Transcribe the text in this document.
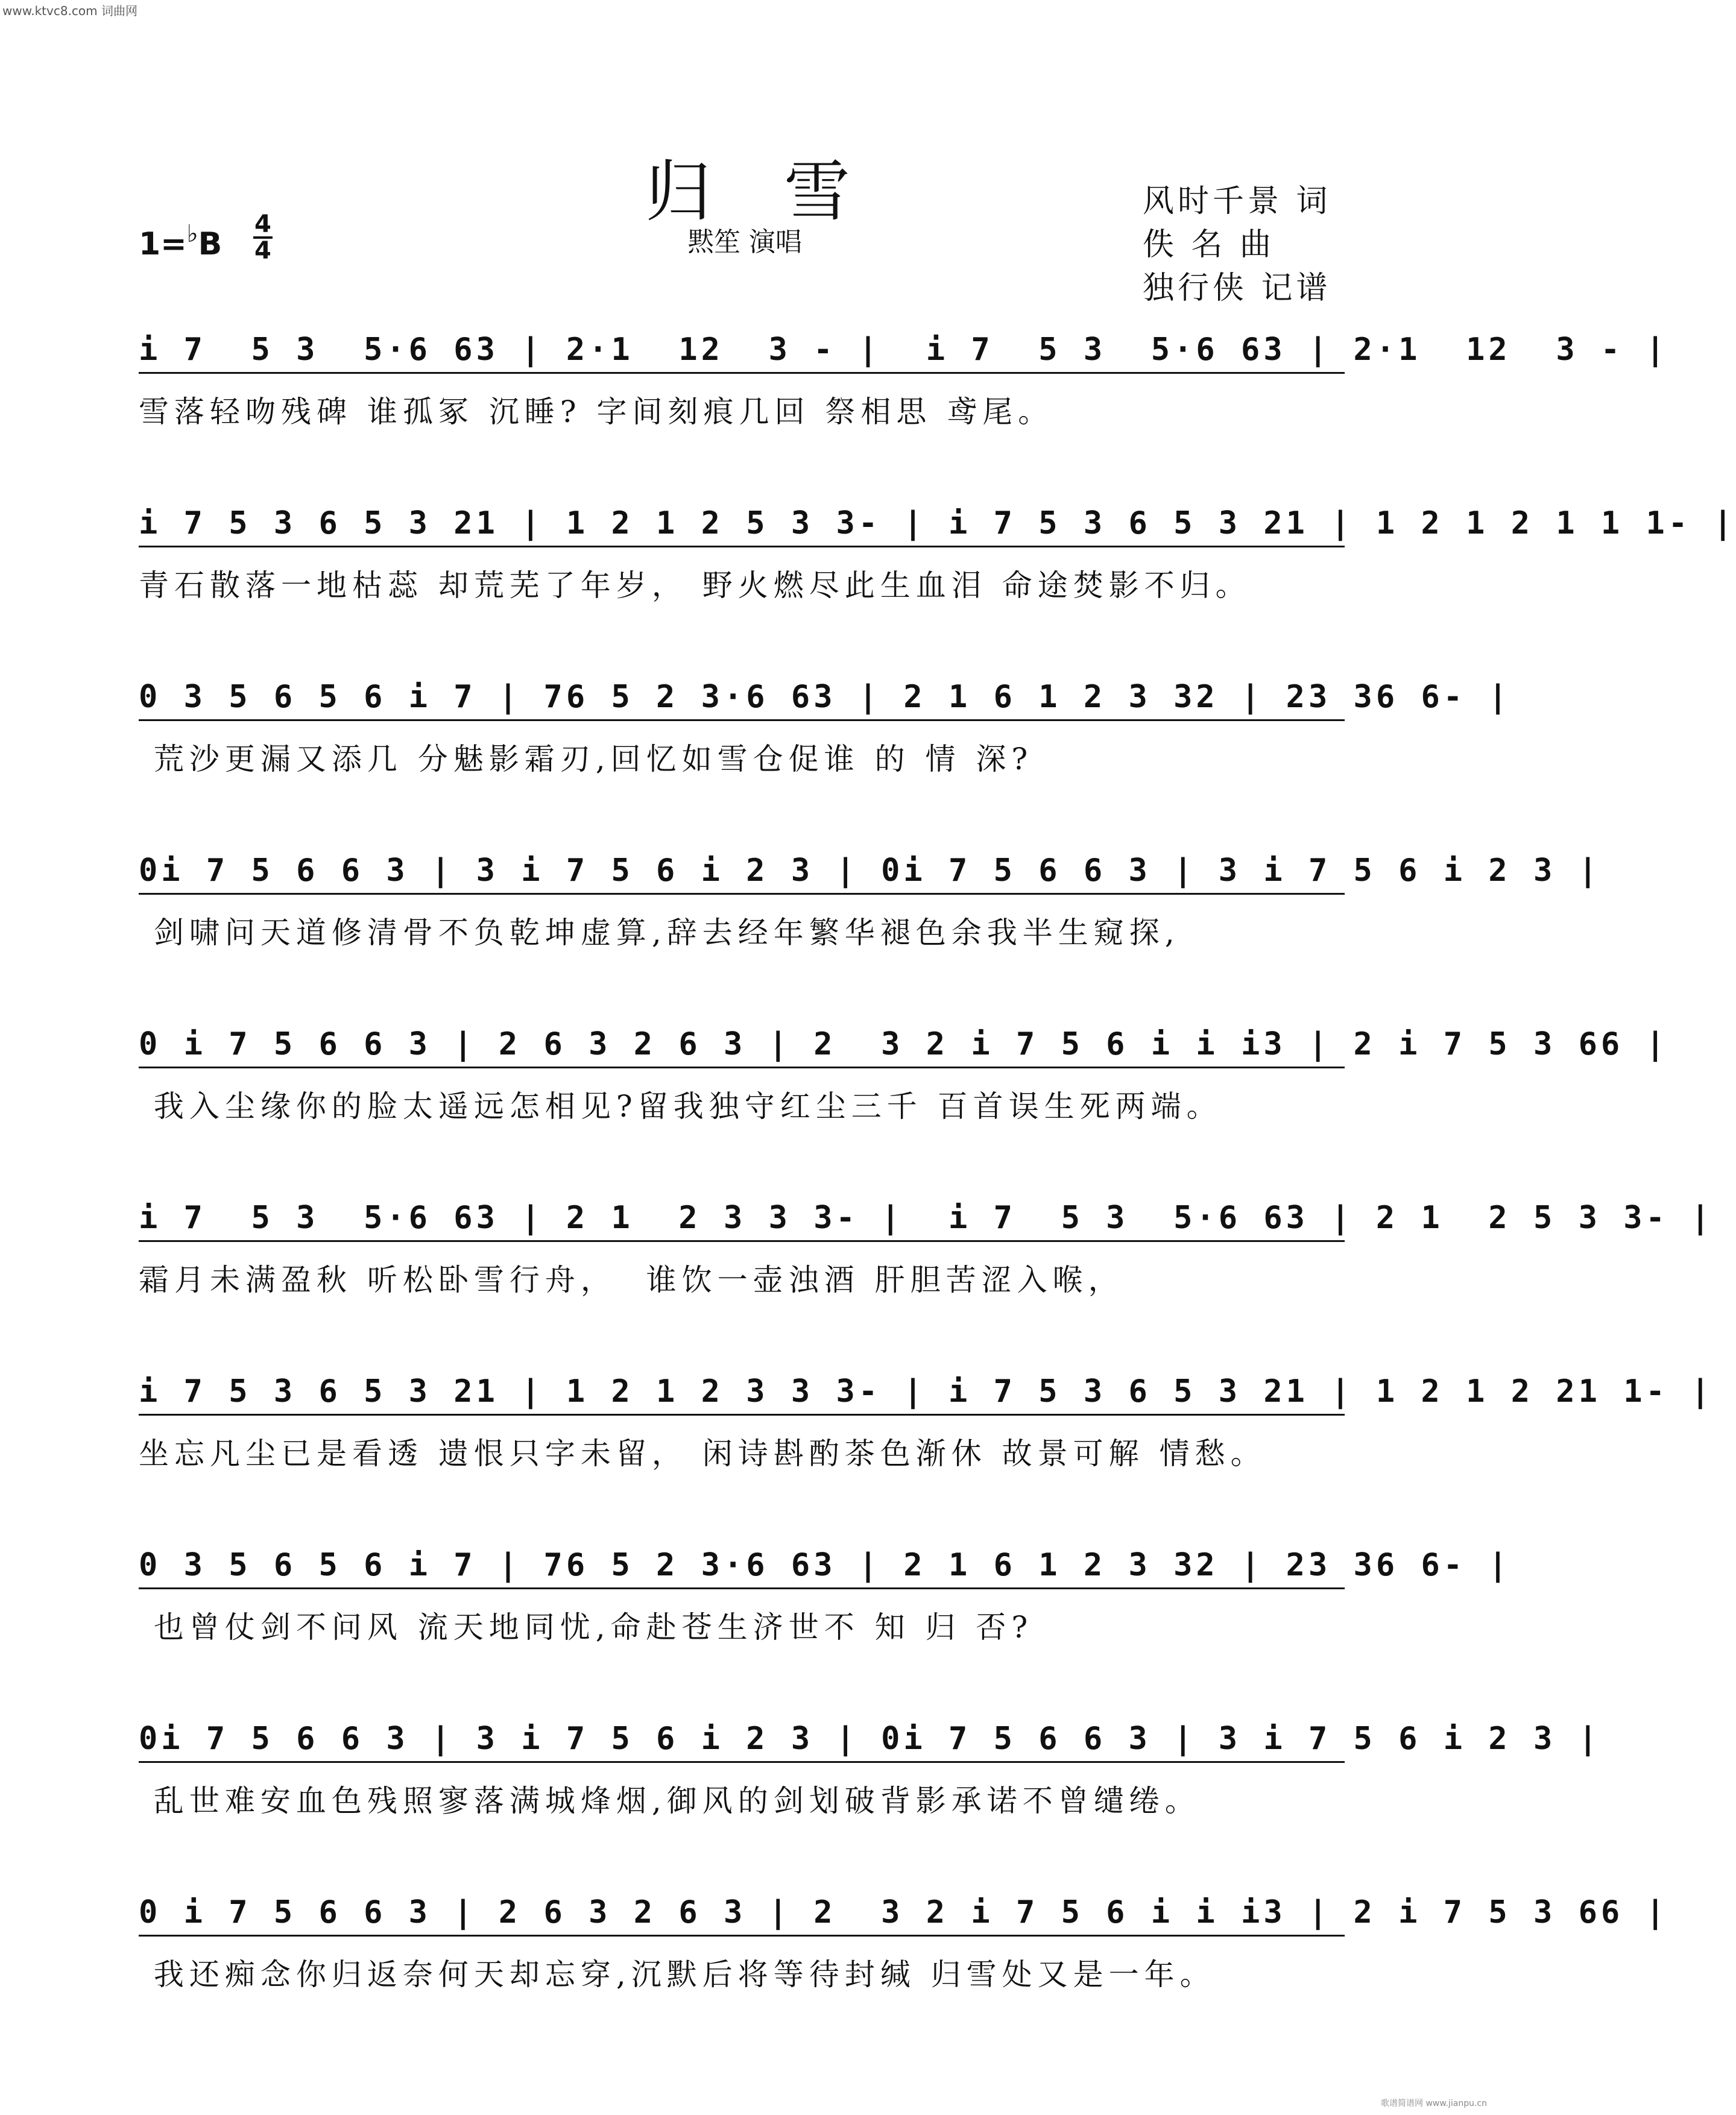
www.ktvc8.com 词曲网
歌谱简谱网 www.jianpu.cn
归雪
黙笙 演唱
风时千景 词
佚 名 曲
独行侠 记谱
1=♭B
4
4
i 7  5 3  5·6 63 | 2·1  12  3 - |  i 7  5 3  5·6 63 | 2·1  12  3 - |
雪落轻吻残碑 谁孤冢 沉睡? 字间刻痕几回 祭相思 鸢尾。
i 7 5 3 6 5 3 21 | 1 2 1 2 5 3 3- | i 7 5 3 6 5 3 21 | 1 2 1 2 1 1 1- |
青石散落一地枯蕊 却荒芜了年岁， 野火燃尽此生血泪 命途焚影不归。
0 3 5 6 5 6 i 7 | 76 5 2 3·6 63 | 2 1 6 1 2 3 32 | 23 36 6- |
荒沙更漏又添几 分魅影霜刃,回忆如雪仓促谁 的 情 深?
0i 7 5 6 6 3 | 3 i 7 5 6 i 2 3 | 0i 7 5 6 6 3 | 3 i 7 5 6 i 2 3 |
剑啸问天道修清骨不负乾坤虚算,辞去经年繁华褪色余我半生窥探,
0 i 7 5 6 6 3 | 2 6 3 2 6 3 | 2  3 2 i 7 5 6 i i i3 | 2 i 7 5 3 66 |
我入尘缘你的脸太遥远怎相见?留我独守红尘三千 百首误生死两端。
i 7  5 3  5·6 63 | 2 1  2 3 3 3- |  i 7  5 3  5·6 63 | 2 1  2 5 3 3- |
霜月未满盈秋 听松卧雪行舟，  谁饮一壶浊酒 肝胆苦涩入喉，
i 7 5 3 6 5 3 21 | 1 2 1 2 3 3 3- | i 7 5 3 6 5 3 21 | 1 2 1 2 21 1- |
坐忘凡尘已是看透 遗恨只字未留， 闲诗斟酌茶色渐休 故景可解 情愁。
0 3 5 6 5 6 i 7 | 76 5 2 3·6 63 | 2 1 6 1 2 3 32 | 23 36 6- |
也曾仗剑不问风 流天地同忧,命赴苍生济世不 知 归 否?
0i 7 5 6 6 3 | 3 i 7 5 6 i 2 3 | 0i 7 5 6 6 3 | 3 i 7 5 6 i 2 3 |
乱世难安血色残照寥落满城烽烟,御风的剑划破背影承诺不曾缱绻。
0 i 7 5 6 6 3 | 2 6 3 2 6 3 | 2  3 2 i 7 5 6 i i i3 | 2 i 7 5 3 66 |
我还痴念你归返奈何天却忘穿,沉默后将等待封缄 归雪处又是一年。
